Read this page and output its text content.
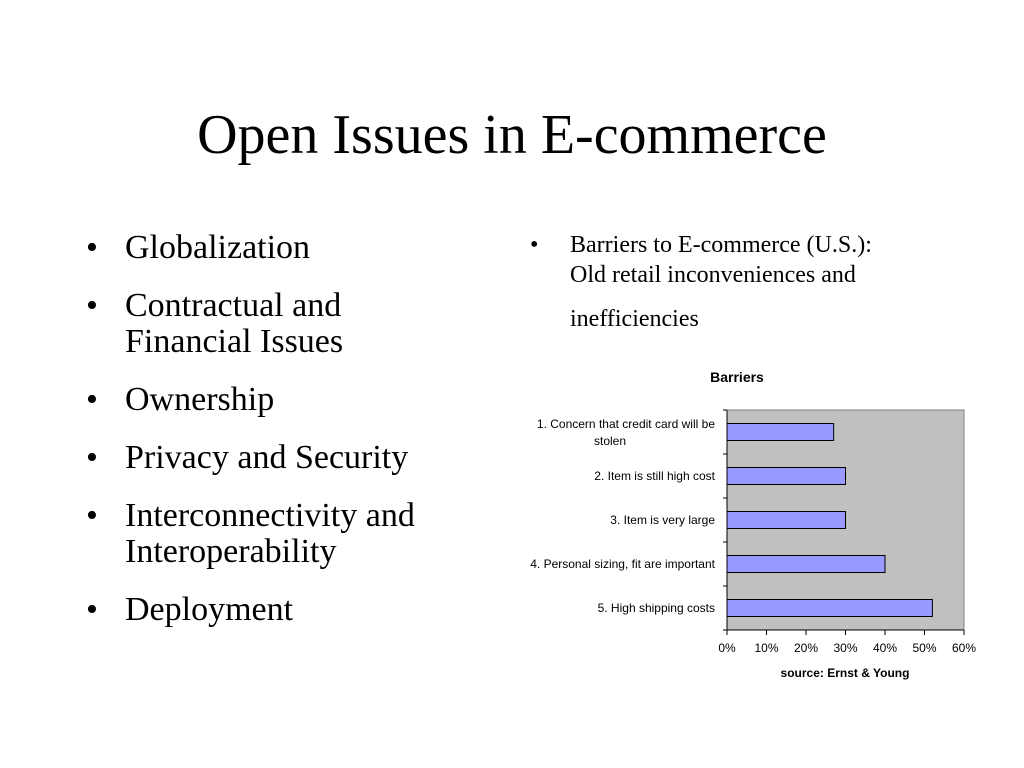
Open Issues in E-commerce
• Globalization
• Contractual and
Financial Issues
• Ownership
• Privacy and Security
• Interconnectivity and
Interoperability
• Deployment
• Barriers to E-commerce (U.S.):
Old retail inconveniences and
inefficiencies
Barriers
1. Concern that credit card will be
stolen
2. Item is still high cost
3. Item is very large
4. Personal sizing, fit are important
5. High shipping costs
0% 10% 20% 30% 40% 50% 60%
source: Ernst & Young
